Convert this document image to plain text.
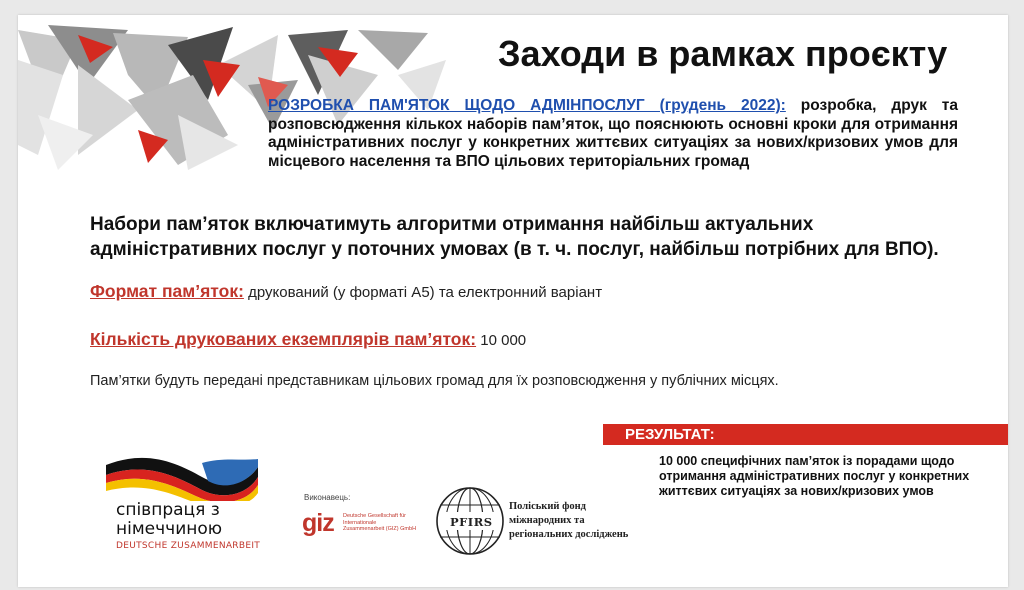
Заходи в рамках проєкту
РОЗРОБКА ПАМ'ЯТОК ЩОДО АДМІНПОСЛУГ (грудень 2022): розробка, друк та розповсюдження кількох наборів пам’яток, що пояснюють основні кроки для отримання адміністративних послуг у конкретних життєвих ситуаціях за нових/кризових умов для місцевого населення та ВПО цільових територіальних громад
Набори пам’яток включатимуть алгоритми отримання найбільш актуальних адміністративних послуг у поточних умовах (в т. ч. послуг, найбільш потрібних для ВПО).
Формат пам’яток: друкований (у форматі А5) та електронний варіант
Кількість друкованих екземплярів пам’яток: 10 000
Пам’ятки будуть передані представникам цільових громад для їх розповсюдження у публічних місцях.
РЕЗУЛЬТАТ:
10 000 специфічних пам’яток із порадами щодо отримання адміністративних послуг у конкретних життєвих ситуаціях за нових/кризових умов
співпраця з
німеччиною
DEUTSCHE ZUSAMMENARBEIT
Виконавець:
giz Deutsche Gesellschaft für Internationale Zusammenarbeit (GIZ) GmbH	PFIRS
Поліський фонд
міжнародних та
регіональних досліджень
